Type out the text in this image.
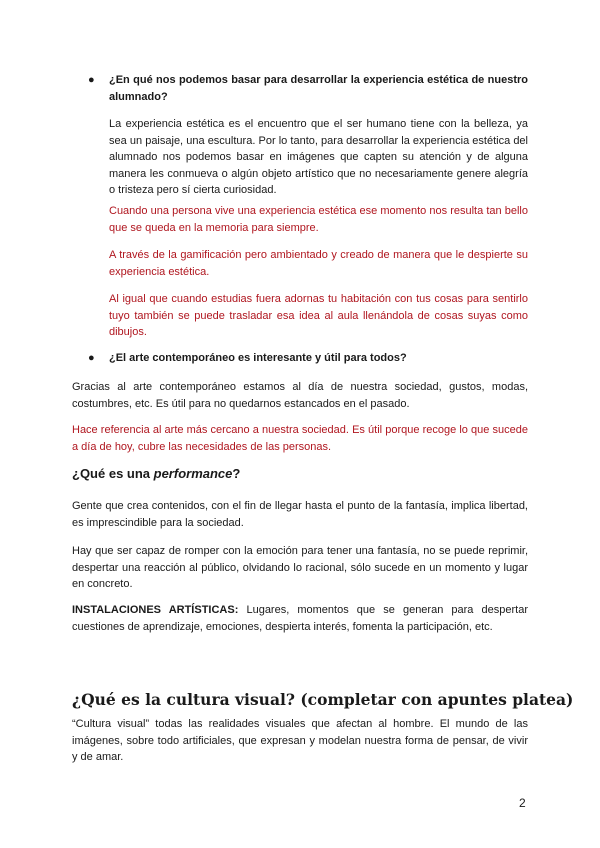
●	¿En qué nos podemos basar para desarrollar la experiencia estética de nuestro alumnado?

La experiencia estética es el encuentro que el ser humano tiene con la belleza, ya sea un paisaje, una escultura. Por lo tanto, para desarrollar la experiencia estética del alumnado nos podemos basar en imágenes que capten su atención y de alguna manera les conmueva o algún objeto artístico que no necesariamente genere alegría o tristeza pero sí cierta curiosidad.

Cuando una persona vive una experiencia estética ese momento nos resulta tan bello que se queda en la memoria para siempre.

A través de la gamificación pero ambientado y creado de manera que le despierte su experiencia estética.

Al igual que cuando estudias fuera adornas tu habitación con tus cosas para sentirlo tuyo también se puede trasladar esa idea al aula llenándola de cosas suyas como dibujos.

●	¿El arte contemporáneo es interesante y útil para todos?

Gracias al arte contemporáneo estamos al día de nuestra sociedad, gustos, modas, costumbres, etc. Es útil para no quedarnos estancados en el pasado.

Hace referencia al arte más cercano a nuestra sociedad. Es útil porque recoge lo que sucede a día de hoy, cubre las necesidades de las personas.

¿Qué es una performance?

Gente que crea contenidos, con el fin de llegar hasta el punto de la fantasía, implica libertad, es imprescindible para la sociedad.

Hay que ser capaz de romper con la emoción para tener una fantasía, no se puede reprimir, despertar una reacción al público, olvidando lo racional, sólo sucede en un momento y lugar en concreto.

INSTALACIONES ARTÍSTICAS: Lugares, momentos que se generan para despertar cuestiones de aprendizaje, emociones, despierta interés, fomenta la participación, etc.

¿Qué es la cultura visual? (completar con apuntes platea)

“Cultura visual” todas las realidades visuales que afectan al hombre. El mundo de las imágenes, sobre todo artificiales, que expresan y modelan nuestra forma de pensar, de vivir y de amar.

2
